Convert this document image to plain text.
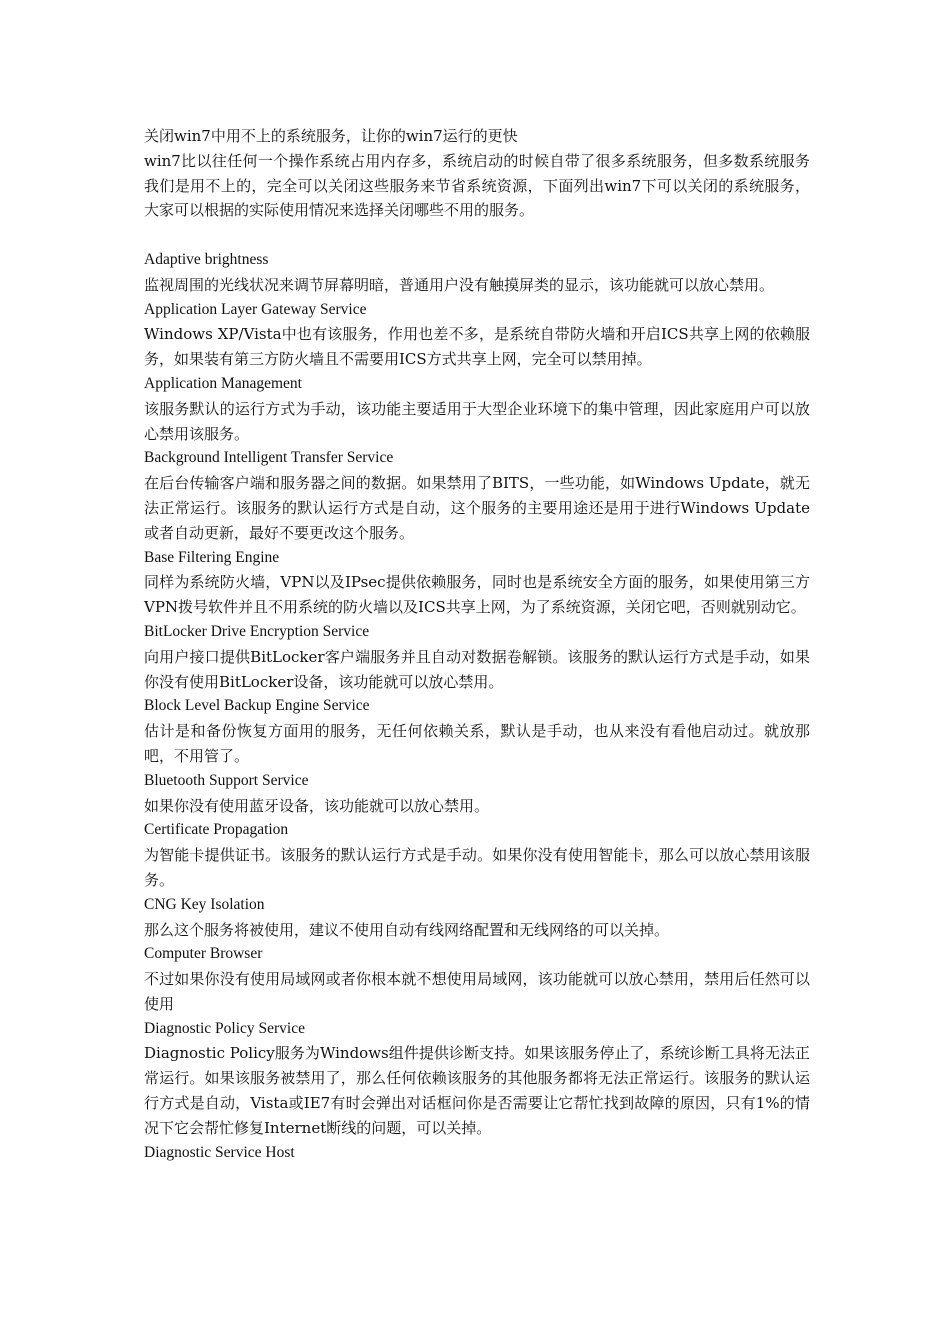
关闭win7中用不上的系统服务，让你的win7运行的更快

win7比以往任何一个操作系统占用内存多，系统启动的时候自带了很多系统服务，但多数系统服务我们是用不上的，完全可以关闭这些服务来节省系统资源，下面列出win7下可以关闭的系统服务，大家可以根据的实际使用情况来选择关闭哪些不用的服务。

Adaptive brightness

监视周围的光线状况来调节屏幕明暗，普通用户没有触摸屏类的显示，该功能就可以放心禁用。

Application Layer Gateway Service

Windows XP/Vista中也有该服务，作用也差不多，是系统自带防火墙和开启ICS共享上网的依赖服务，如果装有第三方防火墙且不需要用ICS方式共享上网，完全可以禁用掉。

Application Management

该服务默认的运行方式为手动，该功能主要适用于大型企业环境下的集中管理，因此家庭用户可以放心禁用该服务。

Background Intelligent Transfer Service

在后台传输客户端和服务器之间的数据。如果禁用了BITS，一些功能，如Windows Update，就无法正常运行。该服务的默认运行方式是自动，这个服务的主要用途还是用于进行Windows Update或者自动更新，最好不要更改这个服务。

Base Filtering Engine

同样为系统防火墙，VPN以及IPsec提供依赖服务，同时也是系统安全方面的服务，如果使用第三方VPN拨号软件并且不用系统的防火墙以及ICS共享上网，为了系统资源，关闭它吧，否则就别动它。

BitLocker Drive Encryption Service

向用户接口提供BitLocker客户端服务并且自动对数据卷解锁。该服务的默认运行方式是手动，如果你没有使用BitLocker设备，该功能就可以放心禁用。

Block Level Backup Engine Service

估计是和备份恢复方面用的服务，无任何依赖关系，默认是手动，也从来没有看他启动过。就放那吧，不用管了。

Bluetooth Support Service

如果你没有使用蓝牙设备，该功能就可以放心禁用。

Certificate Propagation

为智能卡提供证书。该服务的默认运行方式是手动。如果你没有使用智能卡，那么可以放心禁用该服务。

CNG Key Isolation

那么这个服务将被使用，建议不使用自动有线网络配置和无线网络的可以关掉。

Computer Browser

不过如果你没有使用局域网或者你根本就不想使用局域网，该功能就可以放心禁用，禁用后任然可以使用

Diagnostic Policy Service

Diagnostic Policy服务为Windows组件提供诊断支持。如果该服务停止了，系统诊断工具将无法正常运行。如果该服务被禁用了，那么任何依赖该服务的其他服务都将无法正常运行。该服务的默认运行方式是自动，Vista或IE7有时会弹出对话框问你是否需要让它帮忙找到故障的原因，只有1%的情况下它会帮忙修复Internet断线的问题，可以关掉。

Diagnostic Service Host
